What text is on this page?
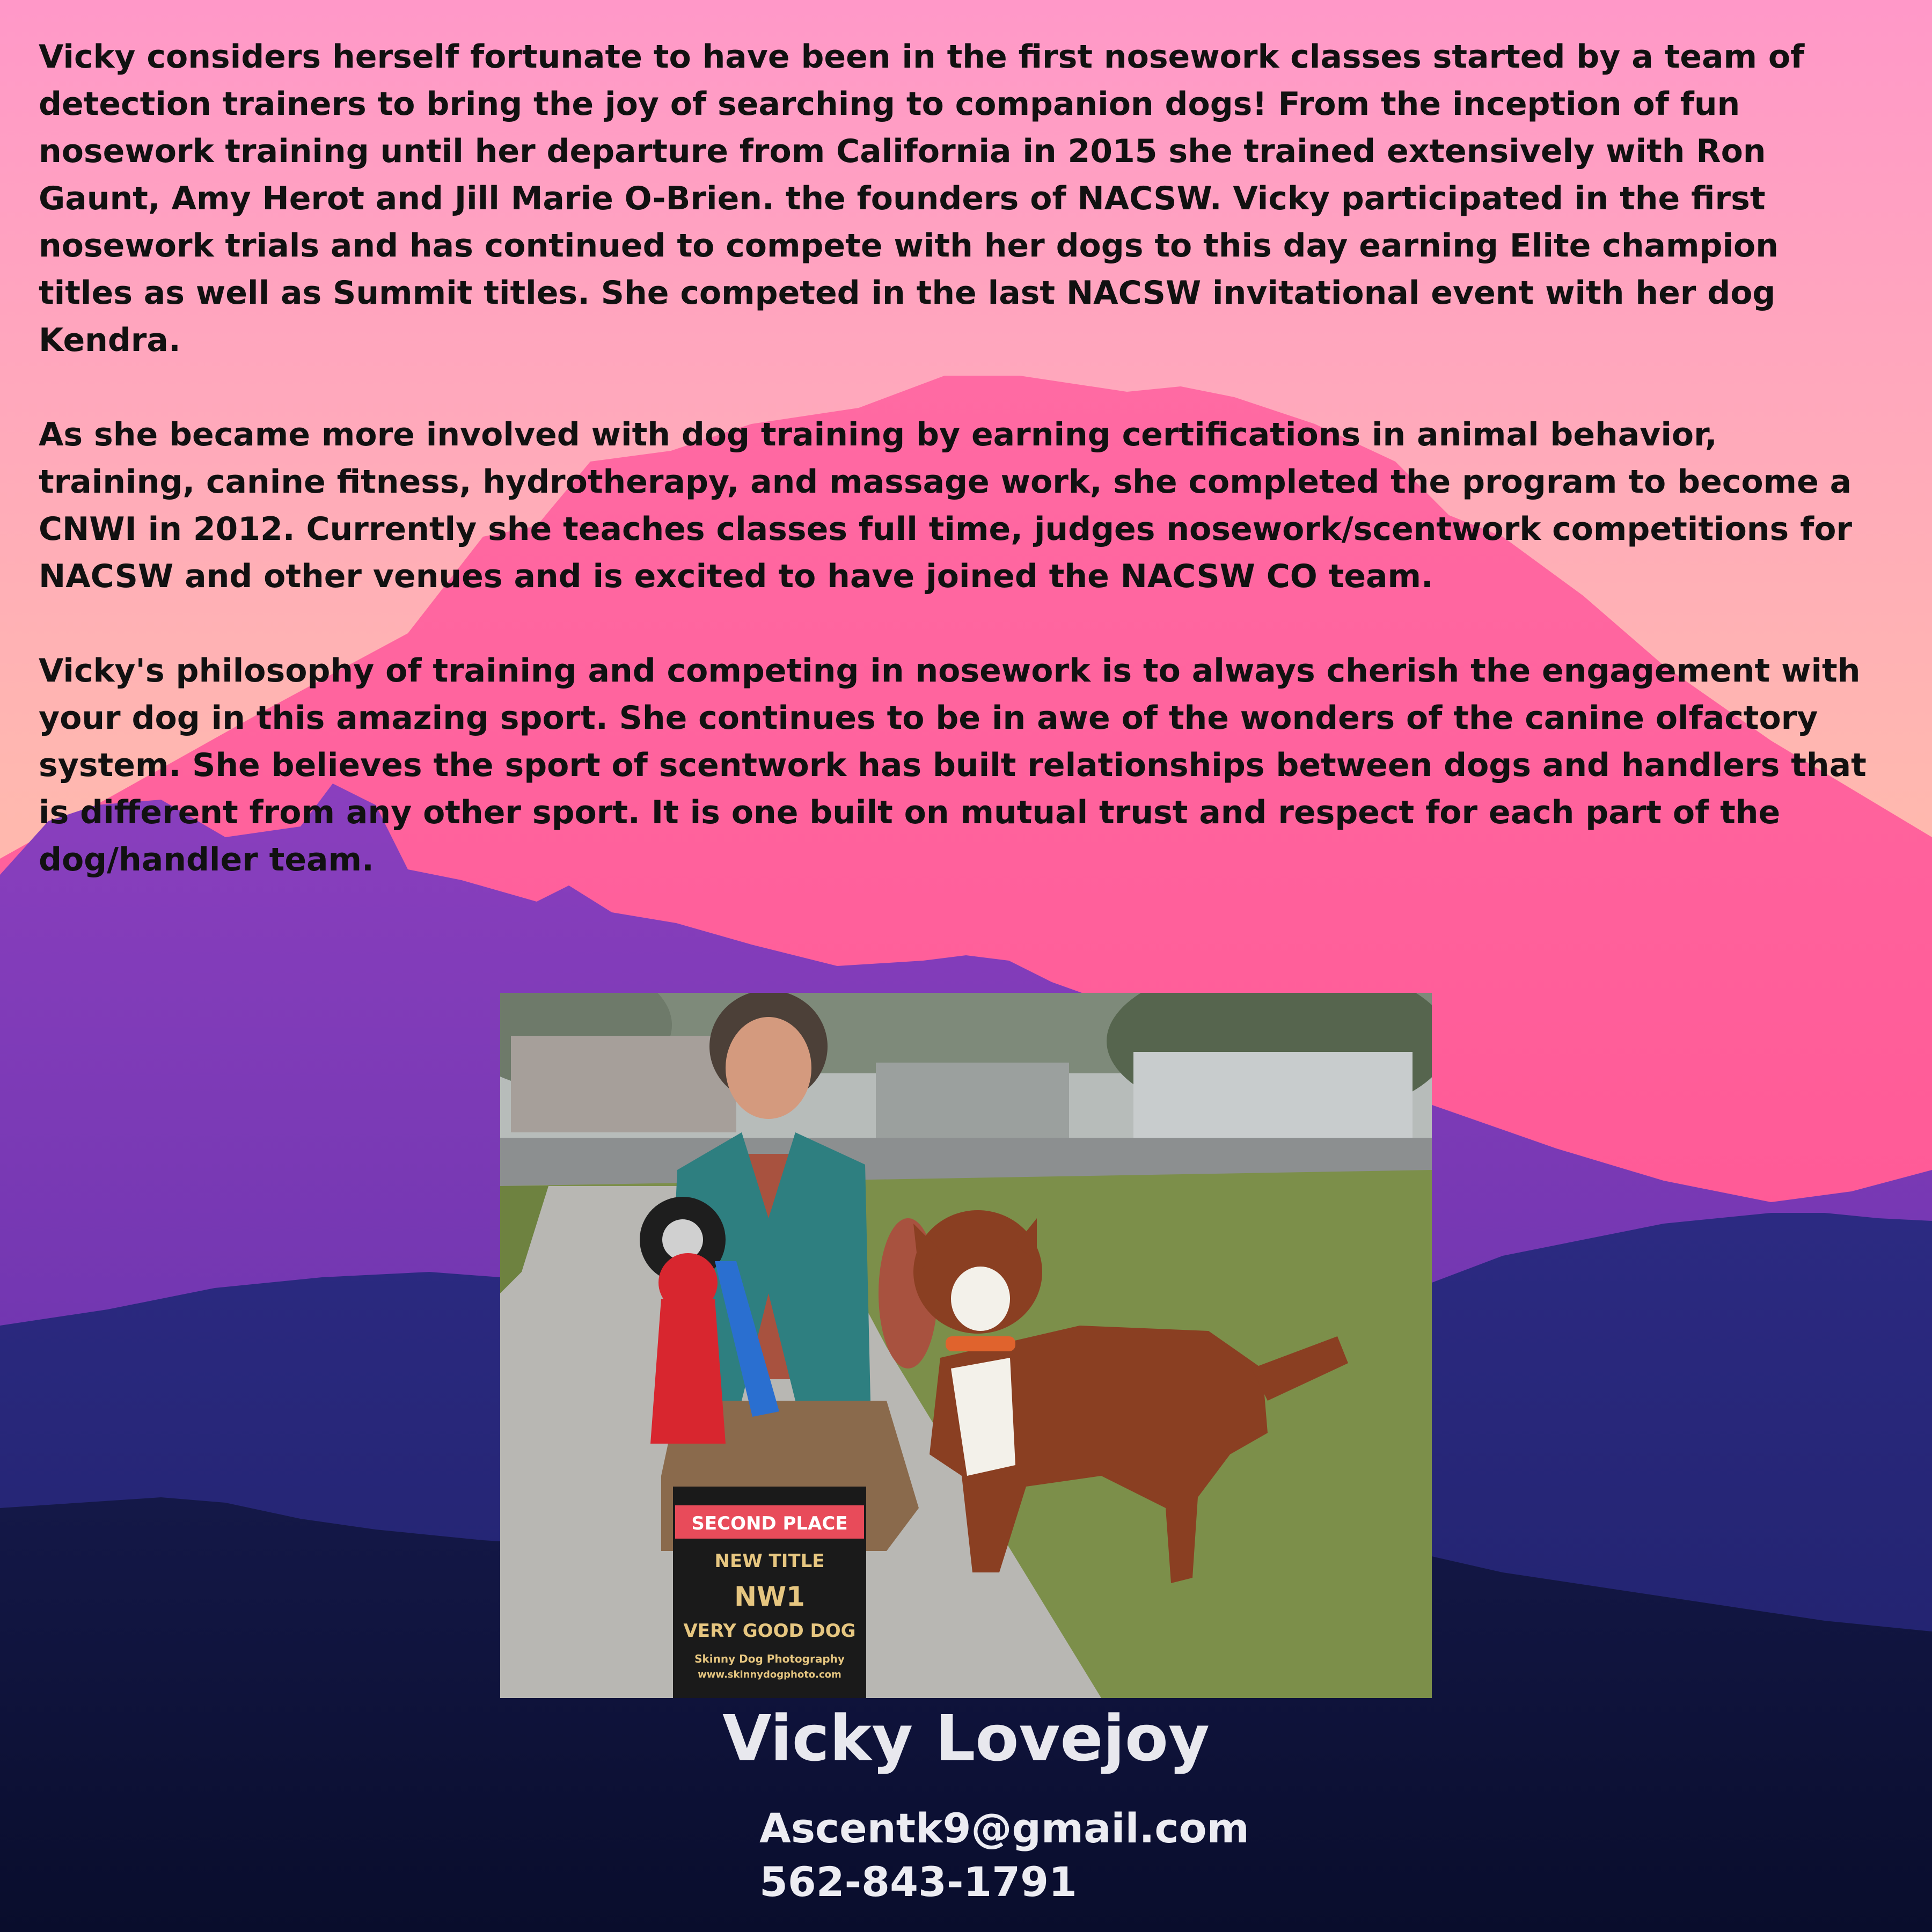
Vicky considers herself fortunate to have been in the first nosework classes started by a team of detection trainers to bring the joy of searching to companion dogs! From the inception of fun nosework training until her departure from California in 2015 she trained extensively with Ron Gaunt, Amy Herot and Jill Marie O-Brien. the founders of NACSW. Vicky participated in the first nosework trials and has continued to compete with her dogs to this day earning Elite champion titles as well as Summit titles. She competed in the last NACSW invitational event with her dog Kendra.

As she became more involved with dog training by earning certifications in animal behavior, training, canine fitness, hydrotherapy, and massage work, she completed the program to become a CNWI in 2012. Currently she teaches classes full time, judges nosework/scentwork competitions for NACSW and other venues and is excited to have joined the NACSW CO team.

Vicky's philosophy of training and competing in nosework is to always cherish the engagement with your dog in this amazing sport. She continues to be in awe of the wonders of the canine olfactory system. She believes the sport of scentwork has built relationships between dogs and handlers that is different from any other sport. It is one built on mutual trust and respect for each part of the dog/handler team.

SECOND PLACE
NEW TITLE
NW1
VERY GOOD DOG
Skinny Dog Photography
www.skinnydogphoto.com
Vicky Lovejoy
Ascentk9@gmail.com
562-843-1791
